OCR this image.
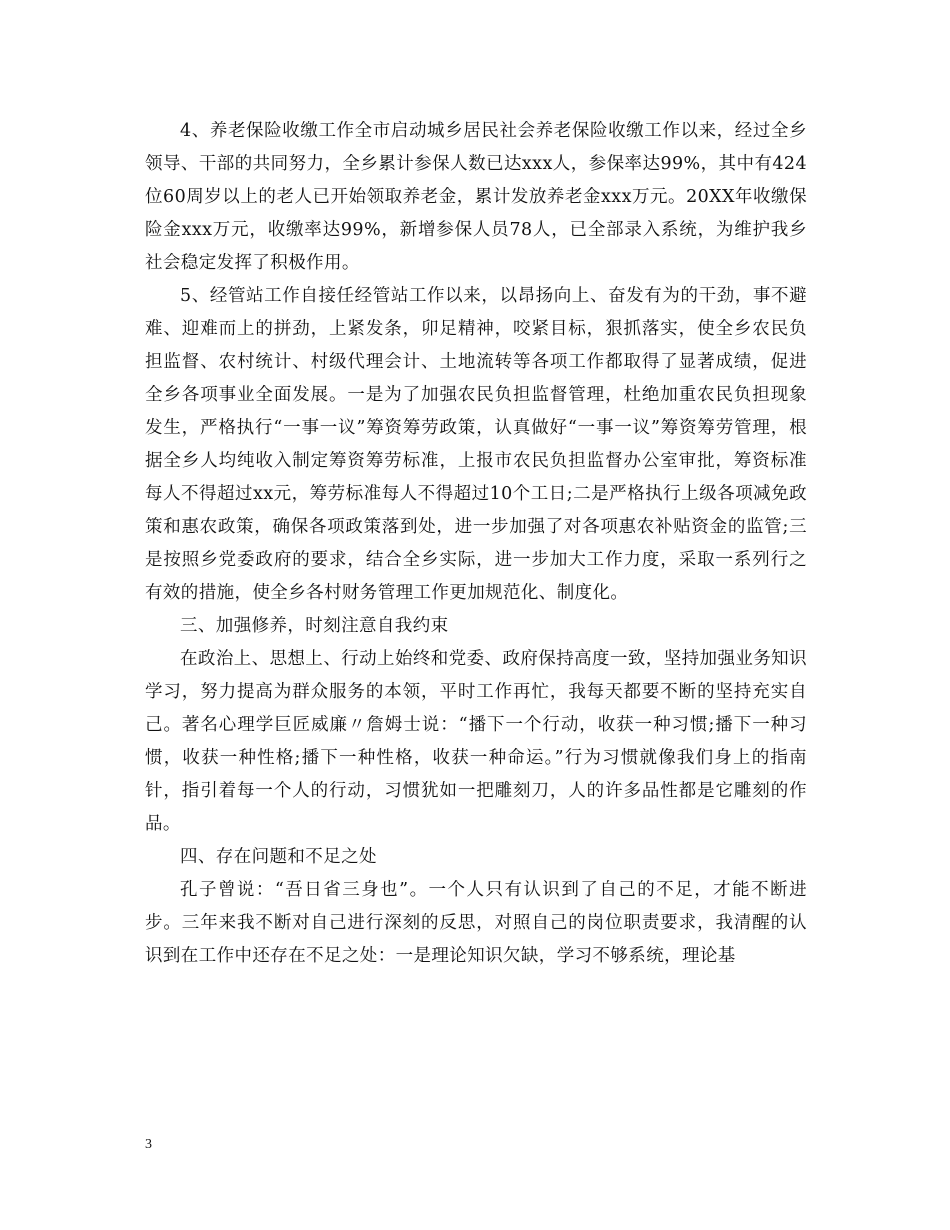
4、养老保险收缴工作全市启动城乡居民社会养老保险收缴工作以来，经过全乡领导、干部的共同努力，全乡累计参保人数已达xxx人，参保率达99%，其中有424位60周岁以上的老人已开始领取养老金，累计发放养老金xxx万元。20XX年收缴保险金xxx万元，收缴率达99%，新增参保人员78人，已全部录入系统，为维护我乡社会稳定发挥了积极作用。

5、经管站工作自接任经管站工作以来，以昂扬向上、奋发有为的干劲，事不避难、迎难而上的拼劲，上紧发条，卯足精神，咬紧目标，狠抓落实，使全乡农民负担监督、农村统计、村级代理会计、土地流转等各项工作都取得了显著成绩，促进全乡各项事业全面发展。一是为了加强农民负担监督管理，杜绝加重农民负担现象发生，严格执行“一事一议”筹资筹劳政策，认真做好“一事一议”筹资筹劳管理，根据全乡人均纯收入制定筹资筹劳标准，上报市农民负担监督办公室审批，筹资标准每人不得超过xx元，筹劳标准每人不得超过10个工日;二是严格执行上级各项减免政策和惠农政策，确保各项政策落到处，进一步加强了对各项惠农补贴资金的监管;三是按照乡党委政府的要求，结合全乡实际，进一步加大工作力度，采取一系列行之有效的措施，使全乡各村财务管理工作更加规范化、制度化。

三、加强修养，时刻注意自我约束

在政治上、思想上、行动上始终和党委、政府保持高度一致，坚持加强业务知识学习，努力提高为群众服务的本领，平时工作再忙，我每天都要不断的坚持充实自己。著名心理学巨匠威廉〃詹姆士说：“播下一个行动，收获一种习惯;播下一种习惯，收获一种性格;播下一种性格，收获一种命运。”行为习惯就像我们身上的指南针，指引着每一个人的行动，习惯犹如一把雕刻刀，人的许多品性都是它雕刻的作品。

四、存在问题和不足之处

孔子曾说：“吾日省三身也”。一个人只有认识到了自己的不足，才能不断进步。三年来我不断对自己进行深刻的反思，对照自己的岗位职责要求，我清醒的认识到在工作中还存在不足之处：一是理论知识欠缺，学习不够系统，理论基

3
